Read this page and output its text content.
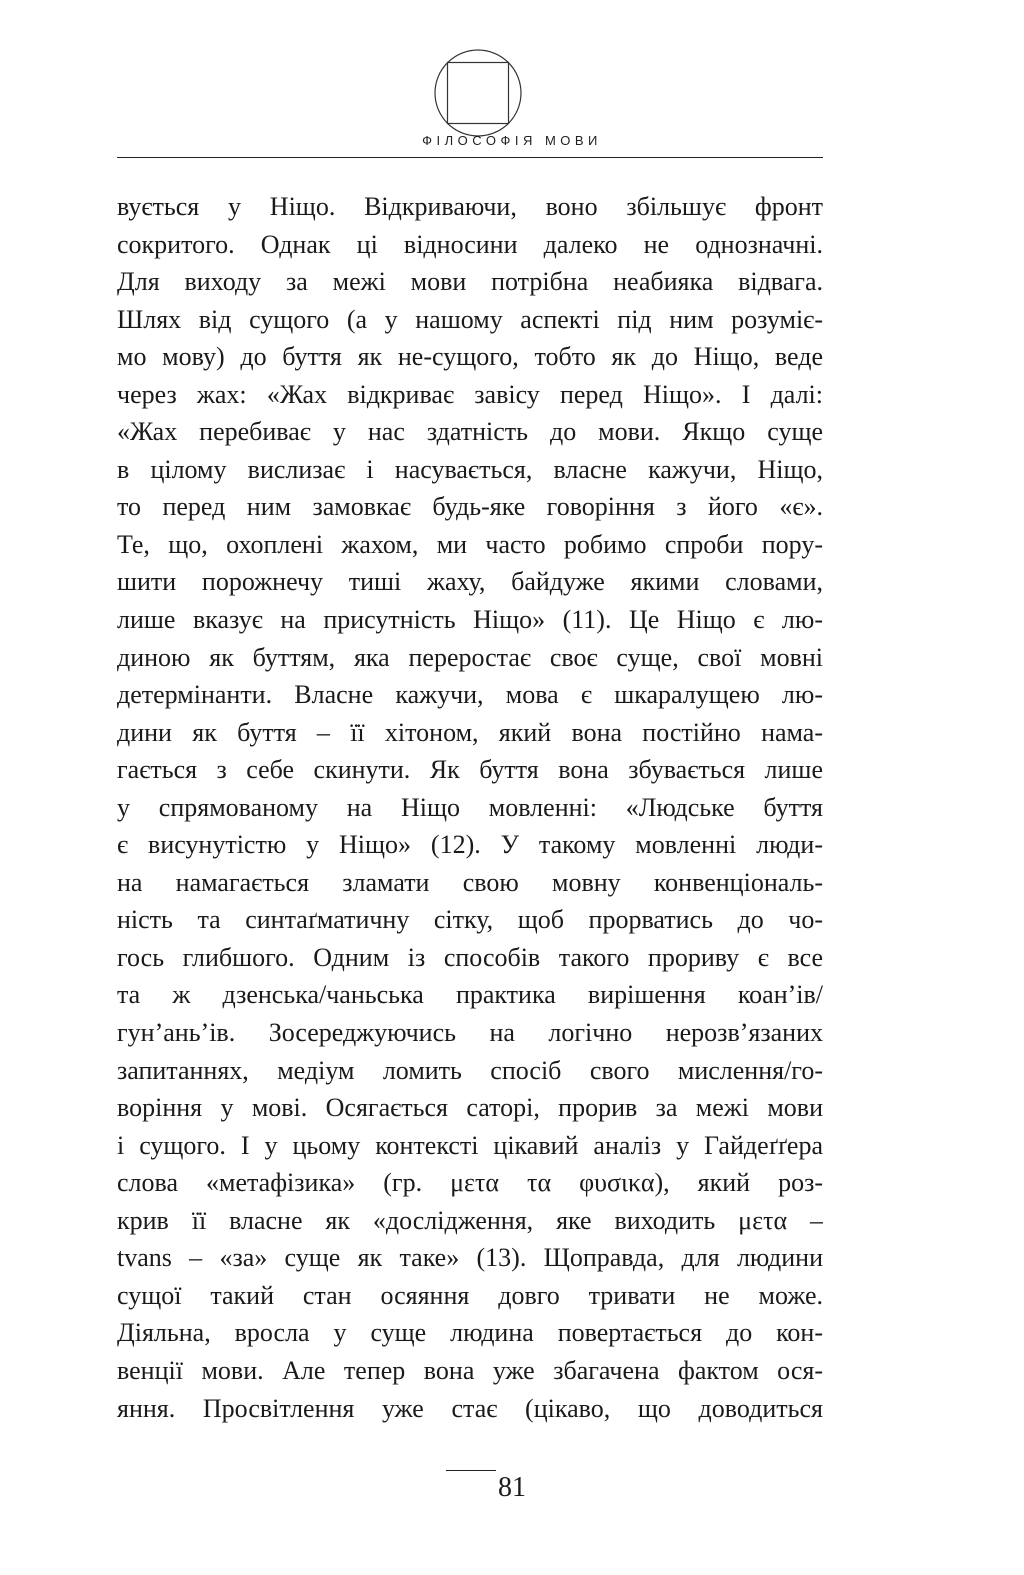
ФІЛОСОФІЯ МОВИ
вується у Ніщо. Відкриваючи, воно збільшує фронт
сокритого. Однак ці відносини далеко не однозначні.
Для виходу за межі мови потрібна неабияка відвага.
Шлях від сущого (а у нашому аспекті під ним розуміє-
мо мову) до буття як не-сущого, тобто як до Ніщо, веде
через жах: «Жах відкриває завісу перед Ніщо». І далі:
«Жах перебиває у нас здатність до мови. Якщо суще
в цілому вислизає і насувається, власне кажучи, Ніщо,
то перед ним замовкає будь-яке говоріння з його «є».
Те, що, охоплені жахом, ми часто робимо спроби пору-
шити порожнечу тиші жаху, байдуже якими словами,
лише вказує на присутність Ніщо» (11). Це Ніщо є лю-
диною як буттям, яка переростає своє суще, свої мовні
детермінанти. Власне кажучи, мова є шкаралущею лю-
дини як буття – її хітоном, який вона постійно нама-
гається з себе скинути. Як буття вона збувається лише
у спрямованому на Ніщо мовленні: «Людське буття
є висунутістю у Ніщо» (12). У такому мовленні люди-
на намагається зламати свою мовну конвенціональ-
ність та синтаґматичну сітку, щоб прорватись до чо-
гось глибшого. Одним із способів такого прориву є все
та ж дзенська/чаньська практика вирішення коан’ів/
гун’ань’ів. Зосереджуючись на логічно нерозв’язаних
запитаннях, медіум ломить спосіб свого мислення/го-
воріння у мові. Осягається саторі, прорив за межі мови
і сущого. І у цьому контексті цікавий аналіз у Гайдеґґера
слова «метафізика» (гр. μετα τα φυσικα), який роз-
крив її власне як «дослідження, яке виходить μετα –
tvans – «за» суще як таке» (13). Щоправда, для людини
сущої такий стан осяяння довго тривати не може.
Діяльна, вросла у суще людина повертається до кон-
венції мови. Але тепер вона уже збагачена фактом ося-
яння. Просвітлення уже стає (цікаво, що доводиться
81
